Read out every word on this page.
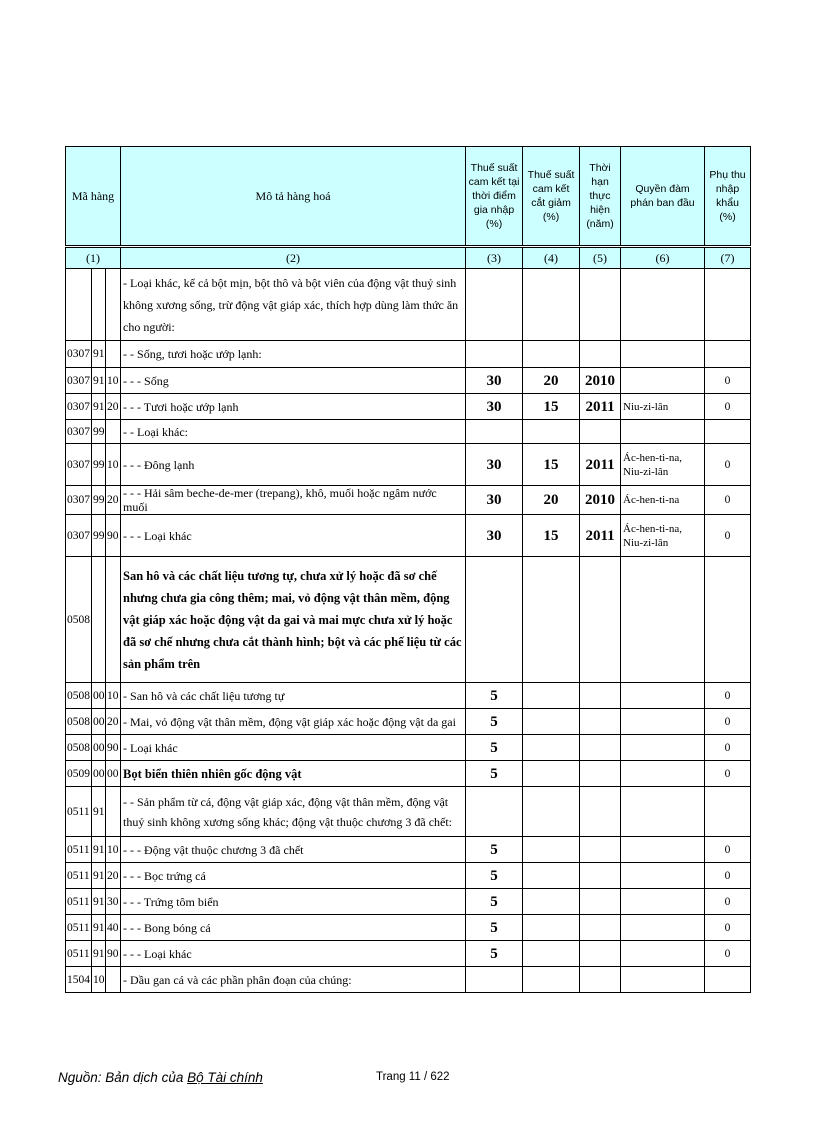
Mã hàng			Mô tả hàng hoá	Thuế suất cam kết tại thời điểm gia nhập (%)	Thuế suất cam kết cắt giảm (%)	Thời hạn thực hiện (năm)	Quyền đàm phán ban đầu	Phụ thu nhập khẩu (%)
(1)			(2)	(3)	(4)	(5)	(6)	(7)
			- Loại khác, kể cả bột mịn, bột thô và bột viên của động vật thuỷ sinh không xương sống, trừ động vật giáp xác, thích hợp dùng làm thức ăn cho người:					
0307	91		- - Sống, tươi hoặc ướp lạnh:					
0307	91	10	- - - Sống	30	20	2010		0
0307	91	20	- - - Tươi hoặc ướp lạnh	30	15	2011	Niu-zi-lân	0
0307	99		- - Loại khác:					
0307	99	10	- - - Đông lạnh	30	15	2011	Ác-hen-ti-na, Niu-zi-lân	0
0307	99	20	- - - Hải sâm beche-de-mer (trepang), khô, muối hoặc ngâm nước muối	30	20	2010	Ác-hen-ti-na	0
0307	99	90	- - - Loại khác	30	15	2011	Ác-hen-ti-na, Niu-zi-lân	0
0508			San hô và các chất liệu tương tự, chưa xử lý hoặc đã sơ chế nhưng chưa gia công thêm; mai, vỏ động vật thân mềm, động vật giáp xác hoặc động vật da gai và mai mực chưa xử lý hoặc đã sơ chế nhưng chưa cắt thành hình; bột và các phế liệu từ các sản phẩm trên					
0508	00	10	- San hô và các chất liệu tương tự	5				0
0508	00	20	- Mai, vỏ động vật thân mềm, động vật giáp xác hoặc động vật da gai	5				0
0508	00	90	- Loại khác	5				0
0509	00	00	Bọt biển thiên nhiên gốc động vật	5				0
0511	91		- - Sản phẩm từ cá, động vật giáp xác, động vật thân mềm, động vật thuỷ sinh không xương sống khác; động vật thuộc chương 3 đã chết:					
0511	91	10	- - - Động vật thuộc chương 3 đã chết	5				0
0511	91	20	- - - Bọc trứng cá	5				0
0511	91	30	- - - Trứng tôm biển	5				0
0511	91	40	- - - Bong bóng cá	5				0
0511	91	90	- - - Loại khác	5				0
1504	10		- Dầu gan cá và các phần phân đoạn của chúng:					
Nguồn: Bản dịch của Bộ Tài chính	Trang 11 / 622
